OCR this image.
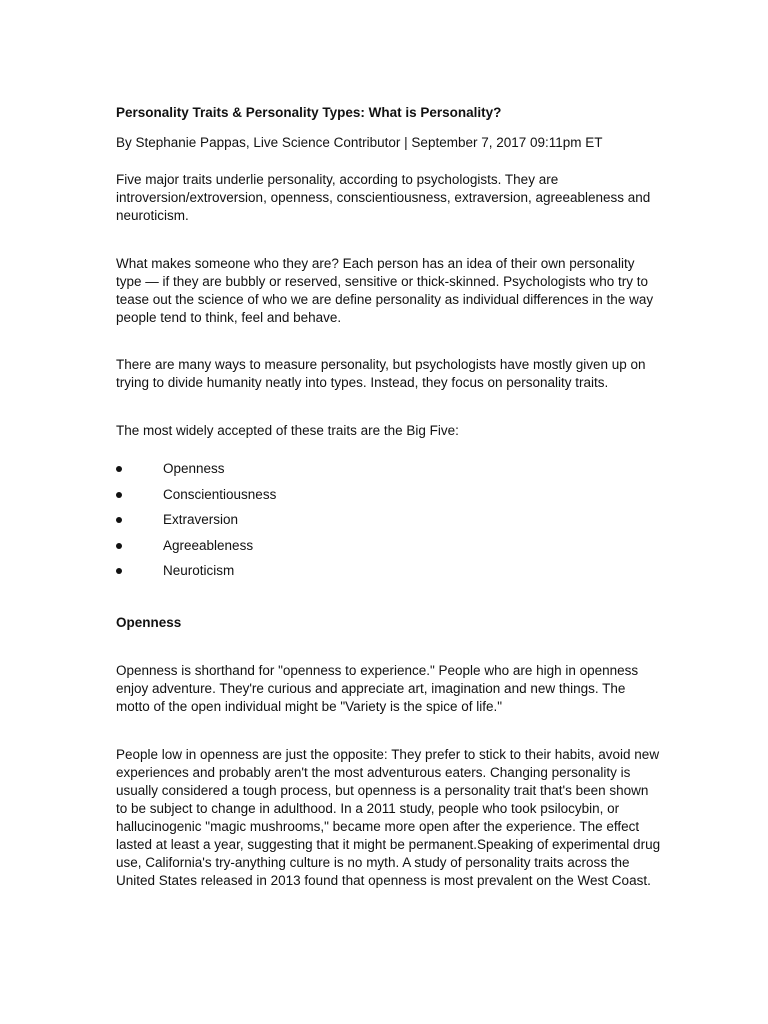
Personality Traits & Personality Types: What is Personality?

By Stephanie Pappas, Live Science Contributor | September 7, 2017 09:11pm ET

Five major traits underlie personality, according to psychologists. They are introversion/extroversion, openness, conscientiousness, extraversion, agreeableness and neuroticism.

What makes someone who they are? Each person has an idea of their own personality type — if they are bubbly or reserved, sensitive or thick-skinned. Psychologists who try to tease out the science of who we are define personality as individual differences in the way people tend to think, feel and behave.

There are many ways to measure personality, but psychologists have mostly given up on trying to divide humanity neatly into types. Instead, they focus on personality traits.

The most widely accepted of these traits are the Big Five:

Openness
Conscientiousness
Extraversion
Agreeableness
Neuroticism

Openness

Openness is shorthand for "openness to experience." People who are high in openness enjoy adventure. They're curious and appreciate art, imagination and new things. The motto of the open individual might be "Variety is the spice of life."

People low in openness are just the opposite: They prefer to stick to their habits, avoid new experiences and probably aren't the most adventurous eaters. Changing personality is usually considered a tough process, but openness is a personality trait that's been shown to be subject to change in adulthood. In a 2011 study, people who took psilocybin, or hallucinogenic "magic mushrooms," became more open after the experience. The effect lasted at least a year, suggesting that it might be permanent.Speaking of experimental drug use, California's try-anything culture is no myth. A study of personality traits across the United States released in 2013 found that openness is most prevalent on the West Coast.
